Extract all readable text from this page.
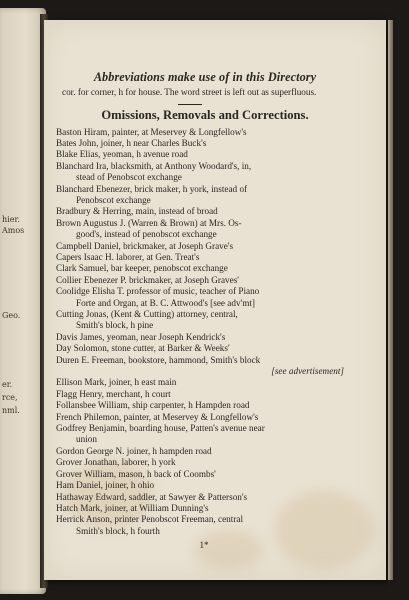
hier.
Amos
Geo.
er.
rce,
nml.
Abbreviations make use of in this Directory
cor. for corner, h for house. The word street is left out as superfluous.
Omissions, Removals and Corrections.
Baston Hiram, painter, at Meservey & Longfellow's
Bates John, joiner, h near Charles Buck's
Blake Elias, yeoman, h avenue road
Blanchard Ira, blacksmith, at Anthony Woodard's, in,
stead of Penobscot exchange
Blanchard Ebenezer, brick maker, h york, instead of
Penobscot exchange
Bradbury & Herring, main, instead of broad
Brown Augustus J. (Warren & Brown) at Mrs. Os-
good's, instead of penobscot exchange
Campbell Daniel, brickmaker, at Joseph Grave's
Capers Isaac H. laborer, at Gen. Treat's
Clark Samuel, bar keeper, penobscot exchange
Collier Ebenezer P. brickmaker, at Joseph Graves'
Coolidge Elisha T. professor of music, teacher of Piano
Forte and Organ, at B. C. Attwood's [see adv'mt]
Cutting Jonas, (Kent & Cutting) attorney, central,
Smith's block, h pine
Davis James, yeoman, near Joseph Kendrick's
Day Solomon, stone cutter, at Barker & Weeks'
Duren E. Freeman, bookstore, hammond, Smith's block
[see advertisement]
Ellison Mark, joiner, h east main
Flagg Henry, merchant, h court
Follansbee William, ship carpenter, h Hampden road
French Philemon, painter, at Meservey & Longfellow's
Godfrey Benjamin, boarding house, Patten's avenue near
union
Gordon George N. joiner, h hampden road
Grover Jonathan, laborer, h york
Grover William, mason, h back of Coombs'
Ham Daniel, joiner, h ohio
Hathaway Edward, saddler, at Sawyer & Patterson's
Hatch Mark, joiner, at William Dunning's
Herrick Anson, printer Penobscot Freeman, central
Smith's block, h fourth
1*
